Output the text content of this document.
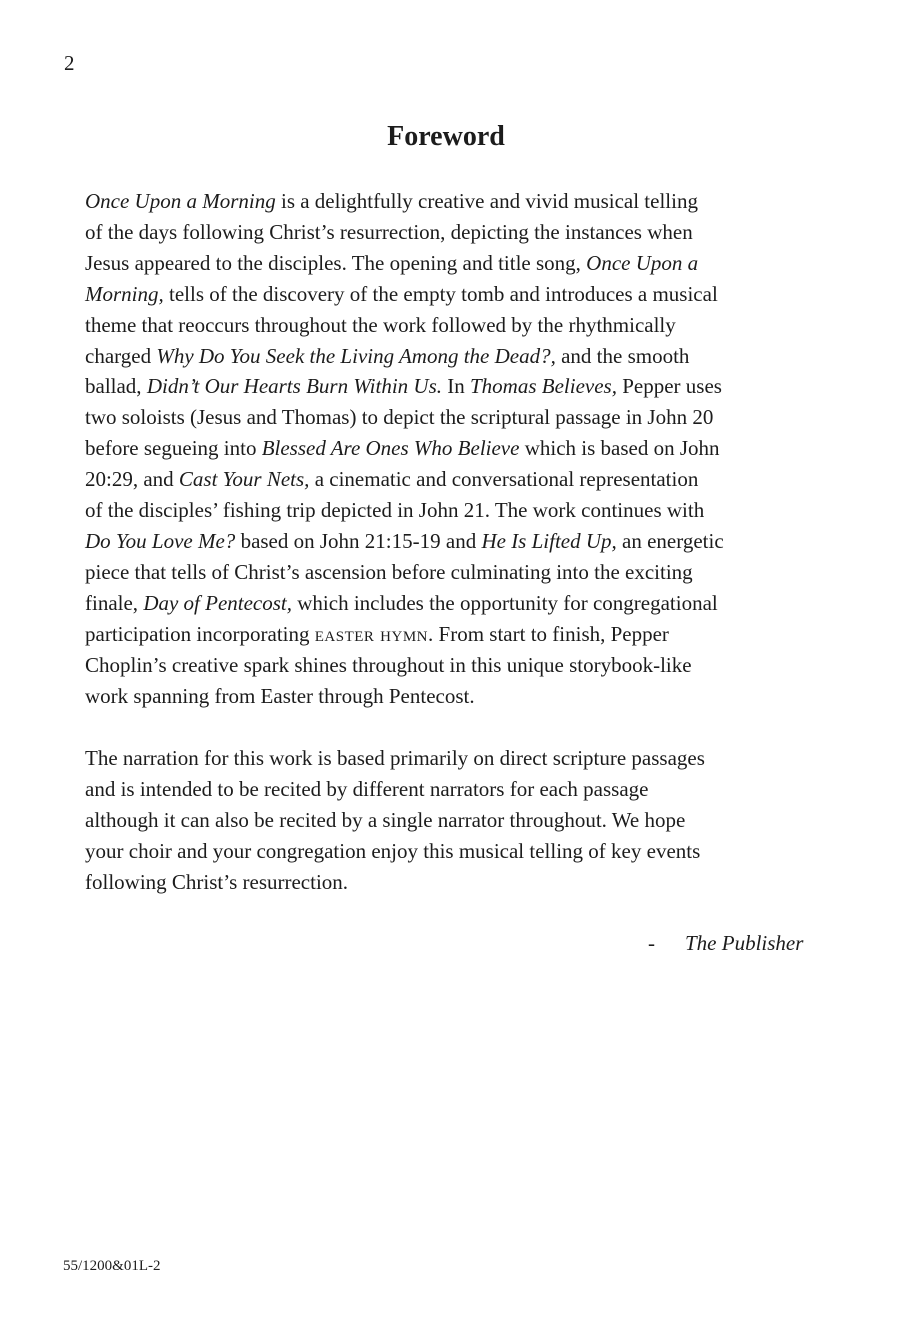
2
Foreword
Once Upon a Morning is a delightfully creative and vivid musical telling
of the days following Christ’s resurrection, depicting the instances when
Jesus appeared to the disciples. The opening and title song, Once Upon a
Morning, tells of the discovery of the empty tomb and introduces a musical
theme that reoccurs throughout the work followed by the rhythmically
charged Why Do You Seek the Living Among the Dead?, and the smooth
ballad, Didn’t Our Hearts Burn Within Us. In Thomas Believes, Pepper uses
two soloists (Jesus and Thomas) to depict the scriptural passage in John 20
before segueing into Blessed Are Ones Who Believe which is based on John
20:29, and Cast Your Nets, a cinematic and conversational representation
of the disciples’ fishing trip depicted in John 21. The work continues with
Do You Love Me? based on John 21:15-19 and He Is Lifted Up, an energetic
piece that tells of Christ’s ascension before culminating into the exciting
finale, Day of Pentecost, which includes the opportunity for congregational
participation incorporating easter hymn. From start to finish, Pepper
Choplin’s creative spark shines throughout in this unique storybook-like
work spanning from Easter through Pentecost.
The narration for this work is based primarily on direct scripture passages
and is intended to be recited by different narrators for each passage
although it can also be recited by a single narrator throughout. We hope
your choir and your congregation enjoy this musical telling of key events
following Christ’s resurrection.
- The Publisher
55/1200&01L-2
